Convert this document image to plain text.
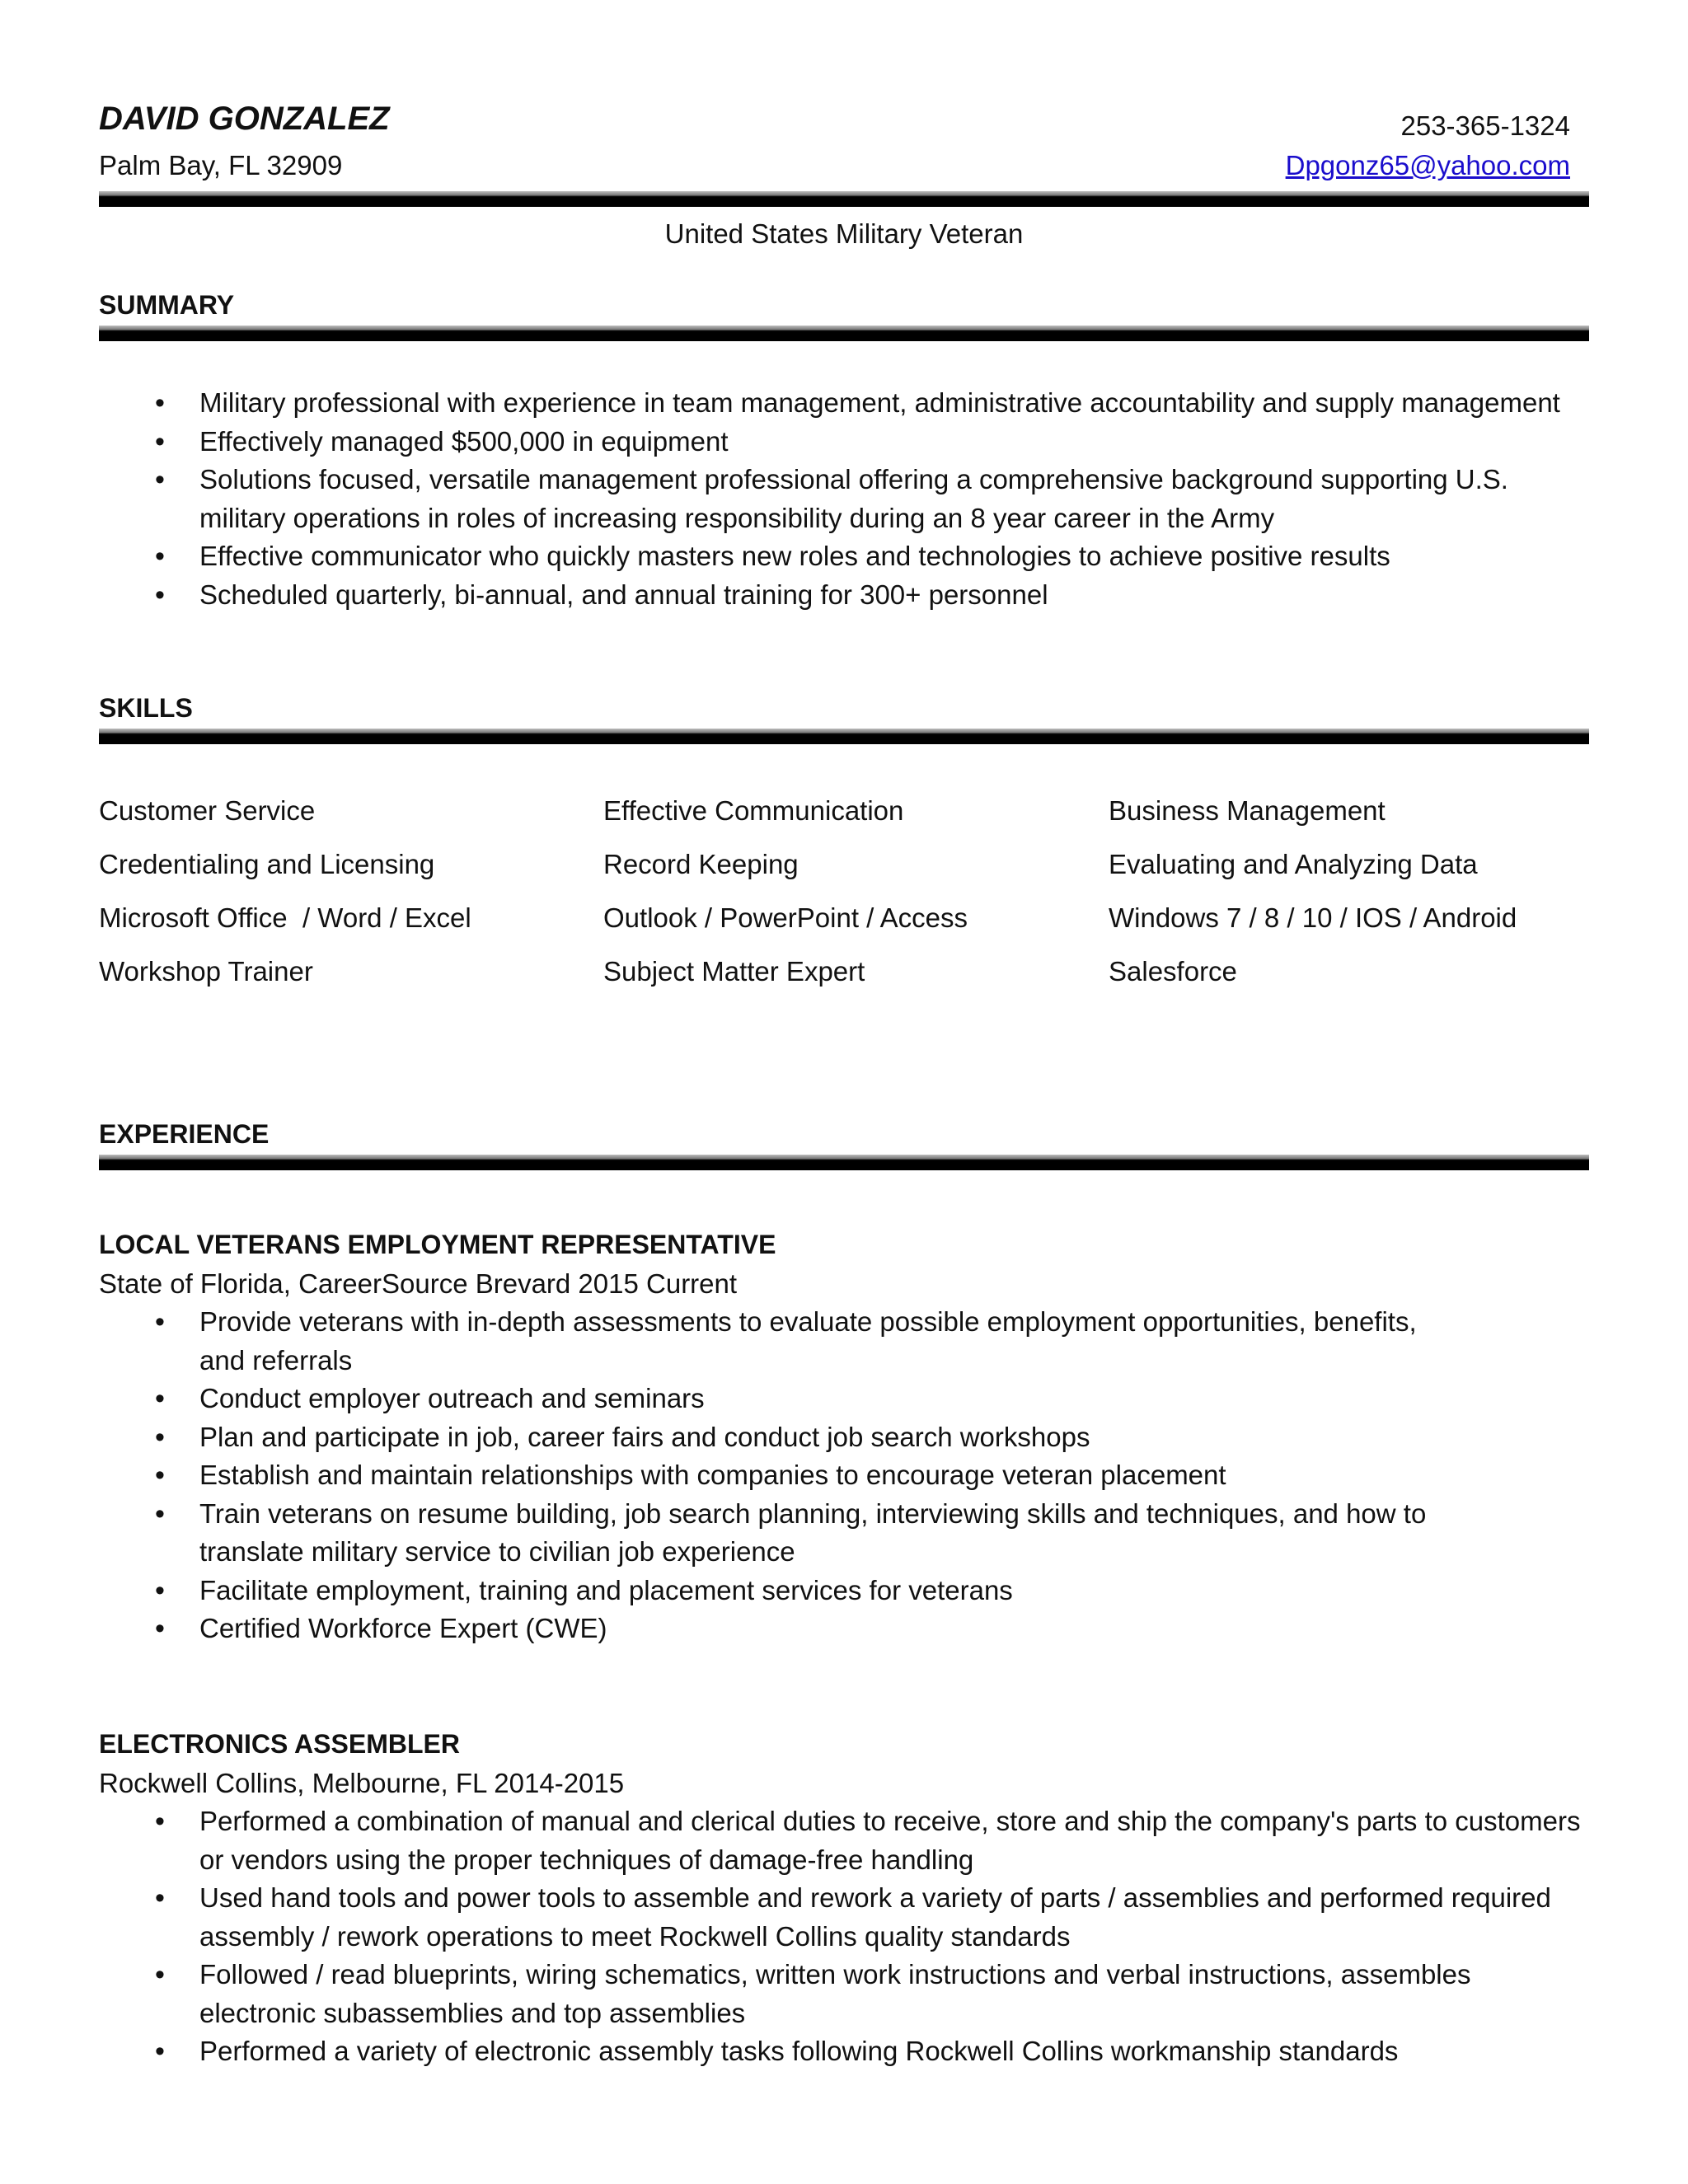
DAVID GONZALEZ
Palm Bay, FL 32909
253-365-1324
Dpgonz65@yahoo.com
United States Military Veteran
SUMMARY
• Military professional with experience in team management, administrative accountability and supply management
• Effectively managed $500,000 in equipment
• Solutions focused, versatile management professional offering a comprehensive background supporting U.S. military operations in roles of increasing responsibility during an 8 year career in the Army
• Effective communicator who quickly masters new roles and technologies to achieve positive results
• Scheduled quarterly, bi-annual, and annual training for 300+ personnel
SKILLS
Customer Service	Effective Communication	Business Management
Credentialing and Licensing	Record Keeping	Evaluating and Analyzing Data
Microsoft Office  / Word / Excel	Outlook / PowerPoint / Access	Windows 7 / 8 / 10 / IOS / Android
Workshop Trainer	Subject Matter Expert	Salesforce
EXPERIENCE
LOCAL VETERANS EMPLOYMENT REPRESENTATIVE
State of Florida, CareerSource Brevard 2015 Current
• Provide veterans with in-depth assessments to evaluate possible employment opportunities, benefits, and referrals
• Conduct employer outreach and seminars
• Plan and participate in job, career fairs and conduct job search workshops
• Establish and maintain relationships with companies to encourage veteran placement
• Train veterans on resume building, job search planning, interviewing skills and techniques, and how to translate military service to civilian job experience
• Facilitate employment, training and placement services for veterans
• Certified Workforce Expert (CWE)
ELECTRONICS ASSEMBLER
Rockwell Collins, Melbourne, FL 2014-2015
• Performed a combination of manual and clerical duties to receive, store and ship the company's parts to customers or vendors using the proper techniques of damage-free handling
• Used hand tools and power tools to assemble and rework a variety of parts / assemblies and performed required assembly / rework operations to meet Rockwell Collins quality standards
• Followed / read blueprints, wiring schematics, written work instructions and verbal instructions, assembles electronic subassemblies and top assemblies
• Performed a variety of electronic assembly tasks following Rockwell Collins workmanship standards
